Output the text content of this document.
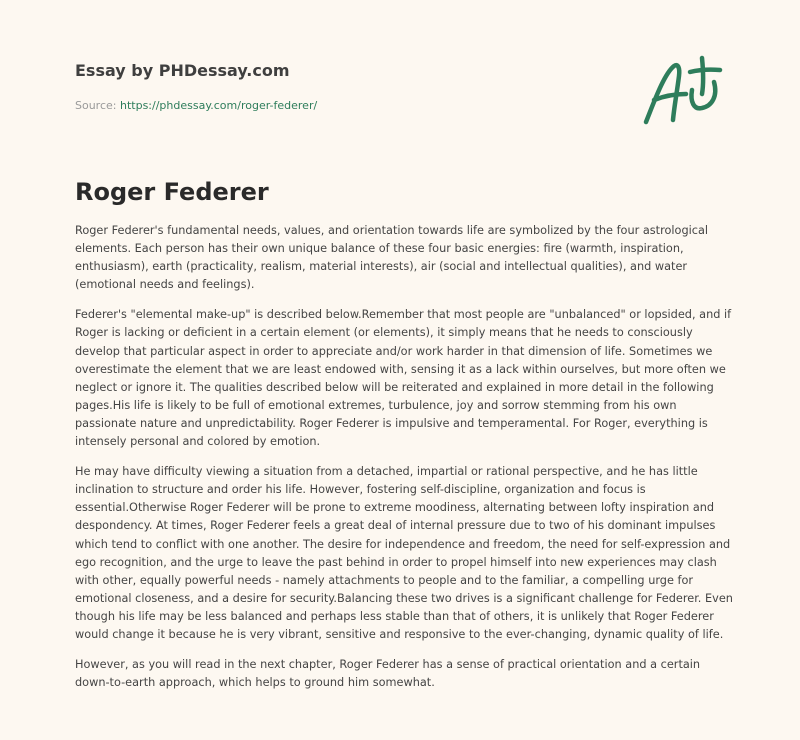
Essay by PHDessay.com
Source: https://phdessay.com/roger-federer/
Roger Federer

Roger Federer's fundamental needs, values, and orientation towards life are symbolized by the four astrological elements. Each person has their own unique balance of these four basic energies: fire (warmth, inspiration, enthusiasm), earth (practicality, realism, material interests), air (social and intellectual qualities), and water (emotional needs and feelings).

Federer's "elemental make-up" is described below.Remember that most people are "unbalanced" or lopsided, and if Roger is lacking or deficient in a certain element (or elements), it simply means that he needs to consciously develop that particular aspect in order to appreciate and/or work harder in that dimension of life. Sometimes we overestimate the element that we are least endowed with, sensing it as a lack within ourselves, but more often we neglect or ignore it. The qualities described below will be reiterated and explained in more detail in the following pages.His life is likely to be full of emotional extremes, turbulence, joy and sorrow stemming from his own passionate nature and unpredictability. Roger Federer is impulsive and temperamental. For Roger, everything is intensely personal and colored by emotion.

He may have difficulty viewing a situation from a detached, impartial or rational perspective, and he has little inclination to structure and order his life. However, fostering self-discipline, organization and focus is essential.Otherwise Roger Federer will be prone to extreme moodiness, alternating between lofty inspiration and despondency. At times, Roger Federer feels a great deal of internal pressure due to two of his dominant impulses which tend to conflict with one another. The desire for independence and freedom, the need for self-expression and ego recognition, and the urge to leave the past behind in order to propel himself into new experiences may clash with other, equally powerful needs - namely attachments to people and to the familiar, a compelling urge for emotional closeness, and a desire for security.Balancing these two drives is a significant challenge for Federer. Even though his life may be less balanced and perhaps less stable than that of others, it is unlikely that Roger Federer would change it because he is very vibrant, sensitive and responsive to the ever-changing, dynamic quality of life.

However, as you will read in the next chapter, Roger Federer has a sense of practical orientation and a certain down-to-earth approach, which helps to ground him somewhat.
